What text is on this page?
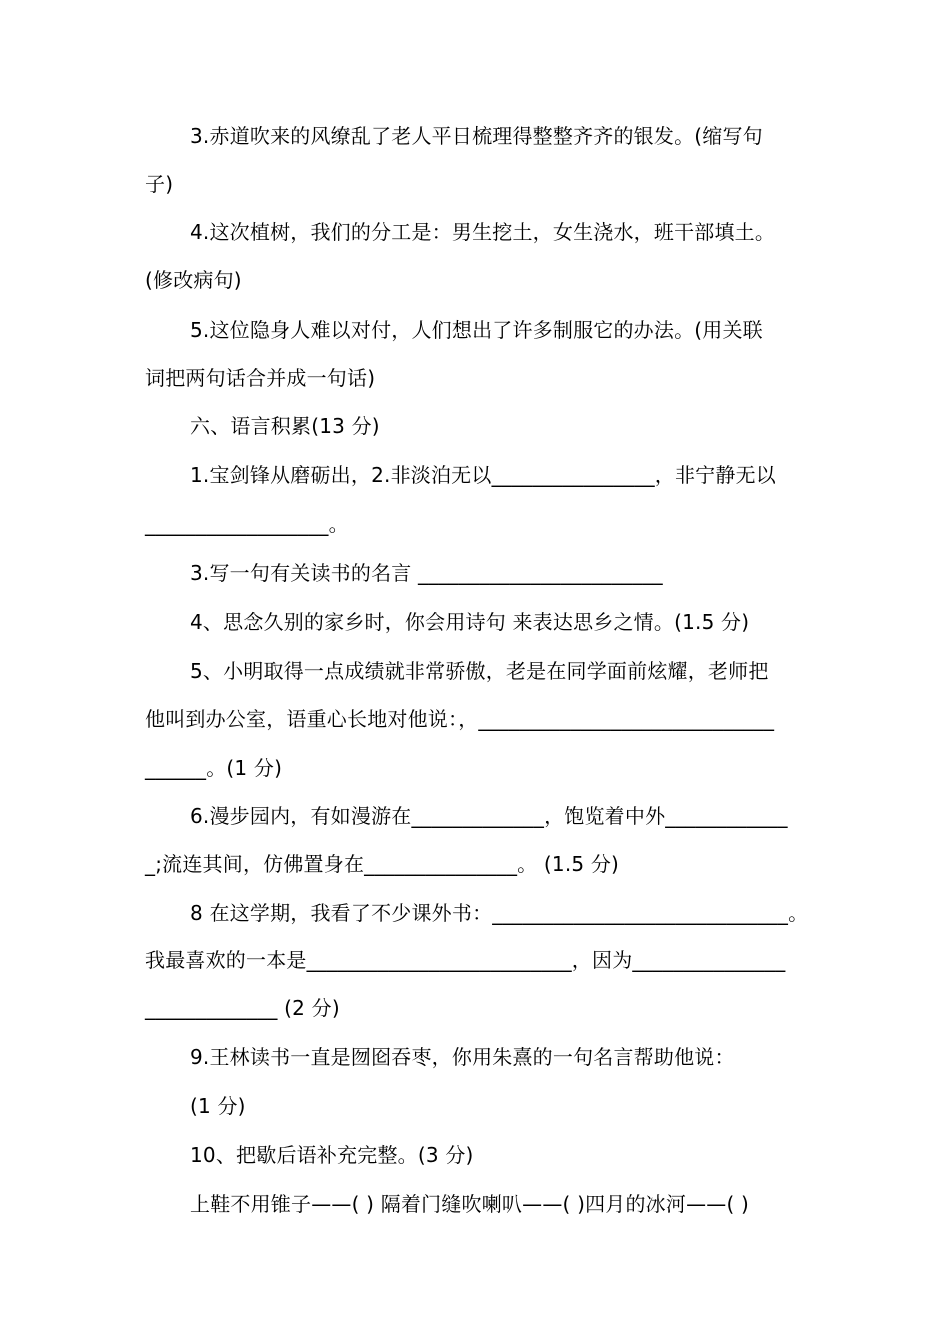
3.赤道吹来的风缭乱了老人平日梳理得整整齐齐的银发。(缩写句
子)
4.这次植树，我们的分工是：男生挖土，女生浇水，班干部填土。
(修改病句)
5.这位隐身人难以对付，人们想出了许多制服它的办法。(用关联
词把两句话合并成一句话)
六、语言积累(13 分)
1.宝剑锋从磨砺出，2.非淡泊无以________________，非宁静无以
__________________。
3.写一句有关读书的名言 ________________________
4、思念久别的家乡时，你会用诗句 来表达思乡之情。(1.5 分)
5、小明取得一点成绩就非常骄傲，老是在同学面前炫耀，老师把
他叫到办公室，语重心长地对他说：，_____________________________
______。(1 分)
6.漫步园内，有如漫游在_____________，饱览着中外____________
_;流连其间，仿佛置身在_______________。 (1.5 分)
8 在这学期，我看了不少课外书：_____________________________。
我最喜欢的一本是__________________________，因为_______________
_____________ (2 分)
9.王林读书一直是囫囵吞枣，你用朱熹的一句名言帮助他说：
(1 分)
10、把歇后语补充完整。(3 分)
上鞋不用锥子——( ) 隔着门缝吹喇叭——( )四月的冰河——( )
